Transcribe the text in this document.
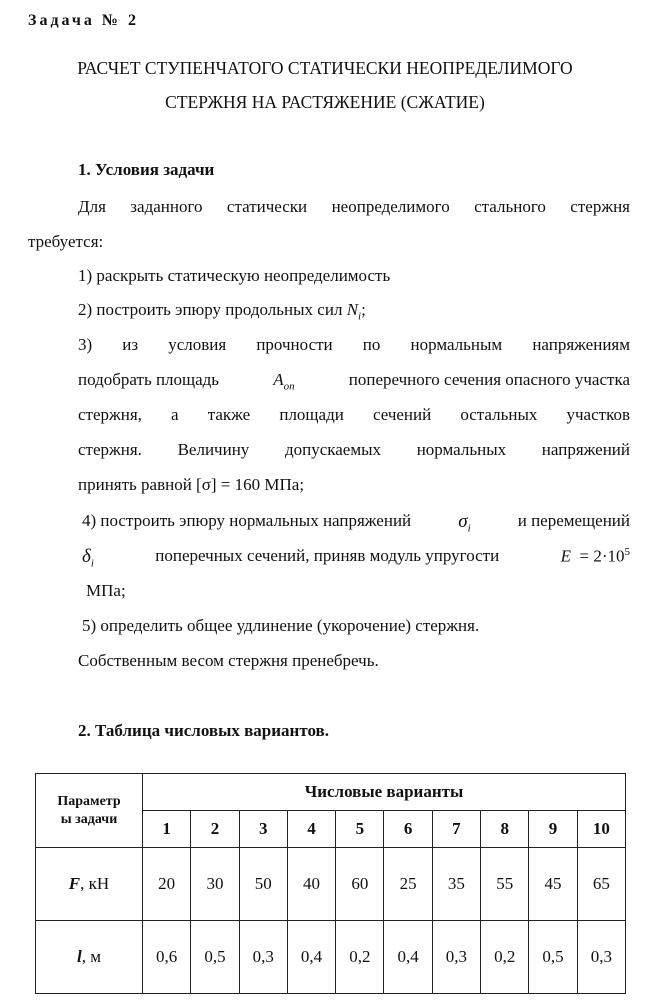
Задача № 2
РАСЧЕТ СТУПЕНЧАТОГО СТАТИЧЕСКИ НЕОПРЕДЕЛИМОГО
СТЕРЖНЯ НА РАСТЯЖЕНИЕ (СЖАТИЕ)
1. Условия задачи
Для заданного статически неопределимого стального стержня
требуется:
1) раскрыть статическую неопределимость
2) построить эпюру продольных сил $N_i$;
3) из условия прочности по нормальным напряжениям
подобрать площадь	$A_{оп}$	поперечного сечения опасного участка
стержня, а также площади сечений остальных участков
стержня. Величину допускаемых нормальных напряжений
принять равной [σ] = 160 МПа;
4) построить эпюру нормальных напряжений $\sigma_i$	и перемещений
$\delta_i$	поперечных сечений, приняв модуль упругости	$E = 2\cdot 10^5$
МПа;
5) определить общее удлинение (укорочение) стержня.
Собственным весом стержня пренебречь.
2. Таблица числовых вариантов.
Параметр
ы задачи	Числовые варианты									
	1	2	3	4	5	6	7	8	9	10
F, кН	20	30	50	40	60	25	35	55	45	65
l, м	0,6	0,5	0,3	0,4	0,2	0,4	0,3	0,2	0,5	0,3
